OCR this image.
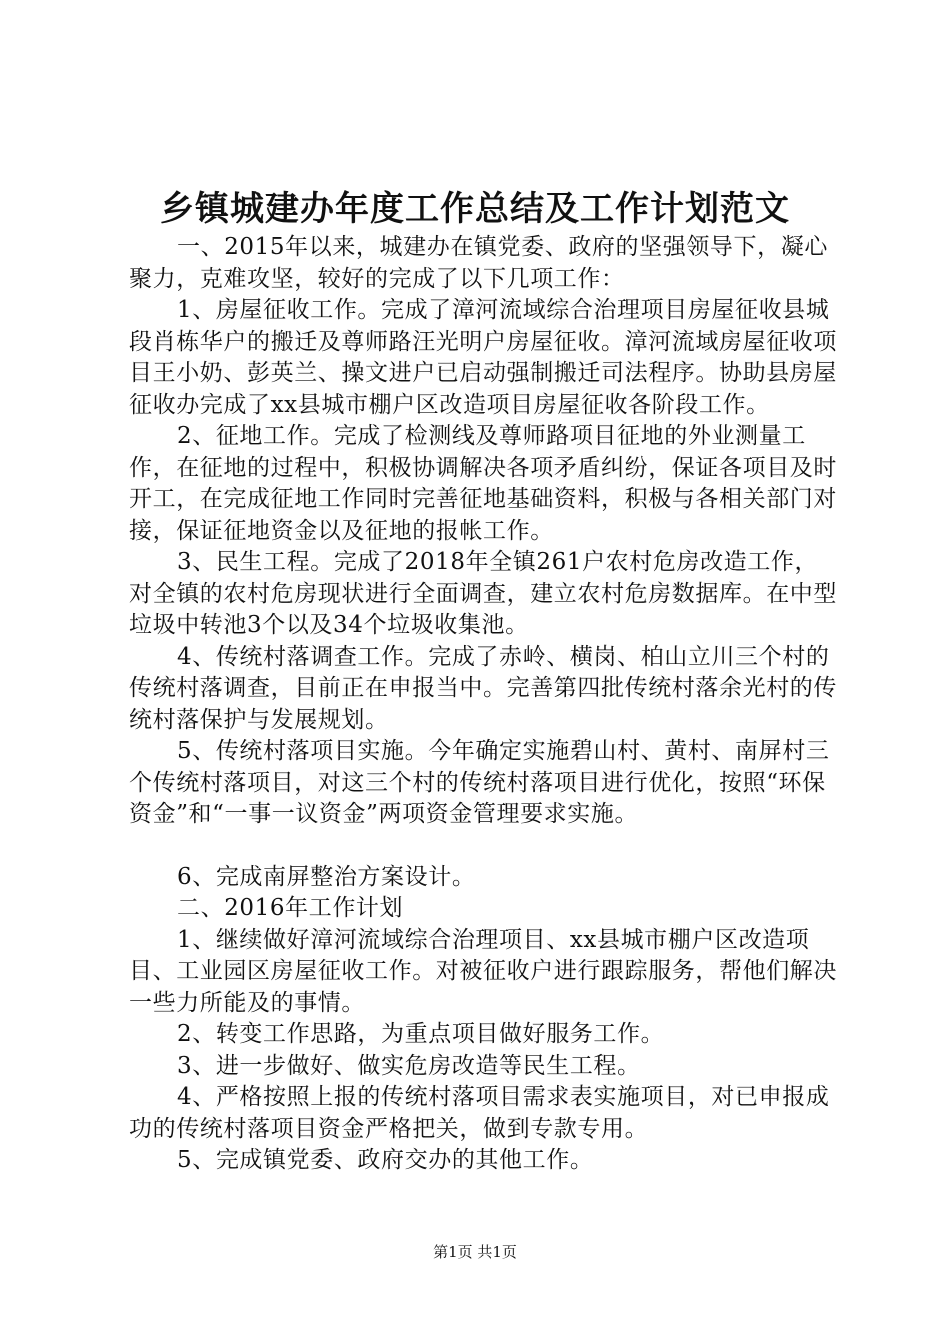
乡镇城建办年度工作总结及工作计划范文

一、2015年以来，城建办在镇党委、政府的坚强领导下，凝心聚力，克难攻坚，较好的完成了以下几项工作：

1、房屋征收工作。完成了漳河流域综合治理项目房屋征收县城段肖栋华户的搬迁及尊师路汪光明户房屋征收。漳河流域房屋征收项目王小奶、彭英兰、操文进户已启动强制搬迁司法程序。协助县房屋征收办完成了xx县城市棚户区改造项目房屋征收各阶段工作。

2、征地工作。完成了检测线及尊师路项目征地的外业测量工作，在征地的过程中，积极协调解决各项矛盾纠纷，保证各项目及时开工，在完成征地工作同时完善征地基础资料，积极与各相关部门对接，保证征地资金以及征地的报帐工作。

3、民生工程。完成了2018年全镇261户农村危房改造工作，对全镇的农村危房现状进行全面调查，建立农村危房数据库。在中型垃圾中转池3个以及34个垃圾收集池。

4、传统村落调查工作。完成了赤岭、横岗、柏山立川三个村的传统村落调查，目前正在申报当中。完善第四批传统村落余光村的传统村落保护与发展规划。

5、传统村落项目实施。今年确定实施碧山村、黄村、南屏村三个传统村落项目，对这三个村的传统村落项目进行优化，按照“环保资金”和“一事一议资金”两项资金管理要求实施。

6、完成南屏整治方案设计。

二、2016年工作计划

1、继续做好漳河流域综合治理项目、xx县城市棚户区改造项目、工业园区房屋征收工作。对被征收户进行跟踪服务，帮他们解决一些力所能及的事情。

2、转变工作思路，为重点项目做好服务工作。

3、进一步做好、做实危房改造等民生工程。

4、严格按照上报的传统村落项目需求表实施项目，对已申报成功的传统村落项目资金严格把关，做到专款专用。

5、完成镇党委、政府交办的其他工作。

第1页 共1页
